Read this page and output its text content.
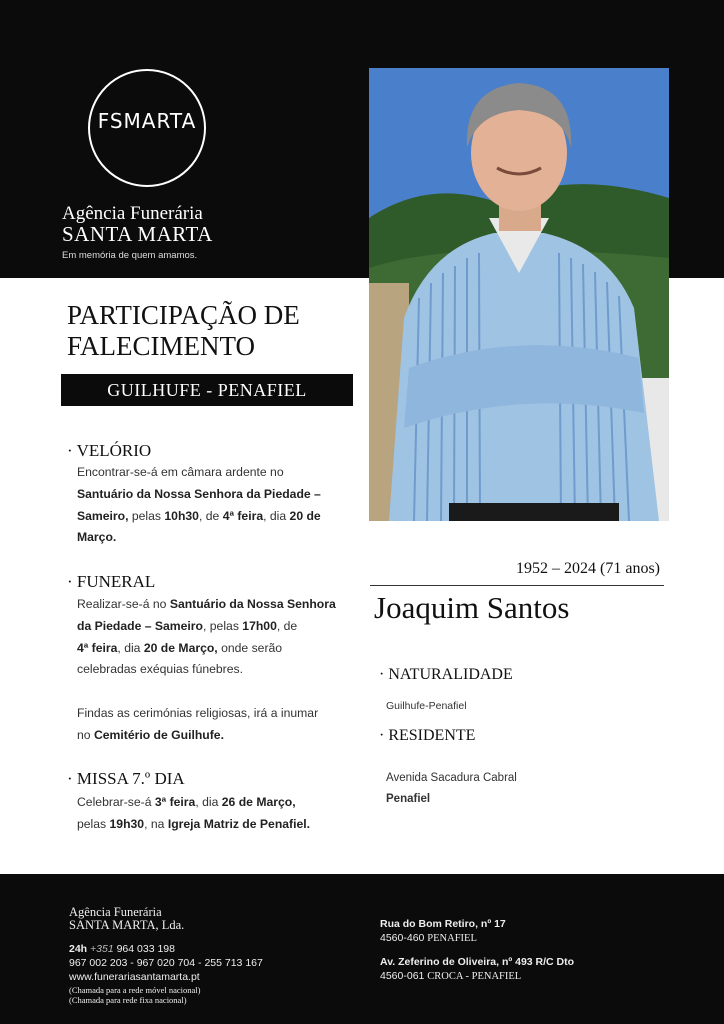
FSMARTA
Agência Funerária
SANTA MARTA
Em memória de quem amamos.
PARTICIPAÇÃO DE
FALECIMENTO
GUILHUFE - PENAFIEL
· VELÓRIO
Encontrar-se-á em câmara ardente no
Santuário da Nossa Senhora da Piedade –
Sameiro, pelas 10h30, de 4ª feira, dia 20 de
Março.
· FUNERAL
Realizar-se-á no Santuário da Nossa Senhora
da Piedade – Sameiro, pelas 17h00, de
4ª feira, dia 20 de Março, onde serão
celebradas exéquias fúnebres.
Findas as cerimónias religiosas, irá a inumar
no Cemitério de Guilhufe.
· MISSA 7.º DIA
Celebrar-se-á 3ª feira, dia 26 de Março,
pelas 19h30, na Igreja Matriz de Penafiel.
1952 – 2024 (71 anos)
Joaquim Santos
· NATURALIDADE
Guilhufe-Penafiel
· RESIDENTE
Avenida Sacadura Cabral
Penafiel
Agência Funerária
SANTA MARTA, Lda.
24h +351 964 033 198
967 002 203 - 967 020 704 - 255 713 167
www.funerariasantamarta.pt
(Chamada para a rede móvel nacional)
(Chamada para rede fixa nacional)
Rua do Bom Retiro, nº 17
4560-460 PENAFIEL
Av. Zeferino de Oliveira, nº 493 R/C Dto
4560-061 CROCA - PENAFIEL
